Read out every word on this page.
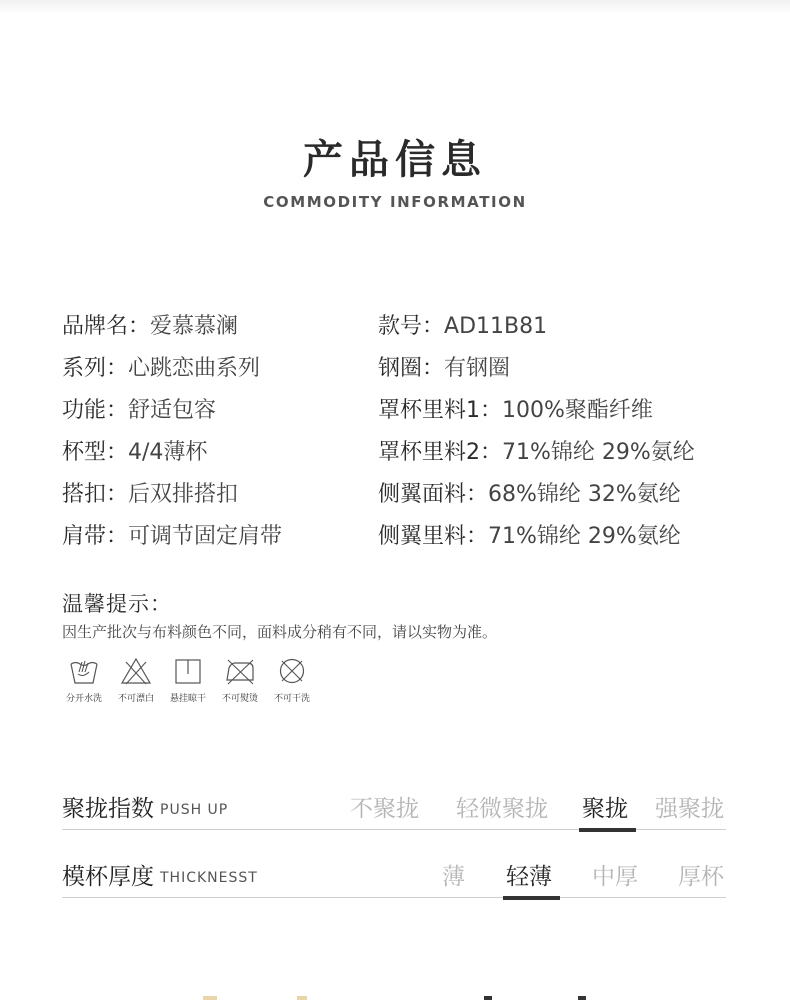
产品信息
COMMODITY INFORMATION
品牌名：爱慕慕澜
系列：心跳恋曲系列
功能：舒适包容
杯型：4/4薄杯
搭扣：后双排搭扣
肩带：可调节固定肩带
款号：AD11B81
钢圈：有钢圈
罩杯里料1：100%聚酯纤维
罩杯里料2：71%锦纶 29%氨纶
侧翼面料：68%锦纶 32%氨纶
侧翼里料：71%锦纶 29%氨纶
温馨提示：
因生产批次与布料颜色不同，面料成分稍有不同，请以实物为准。
分开水洗	不可漂白	悬挂晾干	不可熨烫	不可干洗
聚拢指数 PUSH UP	不聚拢 轻微聚拢 聚拢 强聚拢
模杯厚度 THICKNESST	薄 轻薄 中厚 厚杯
